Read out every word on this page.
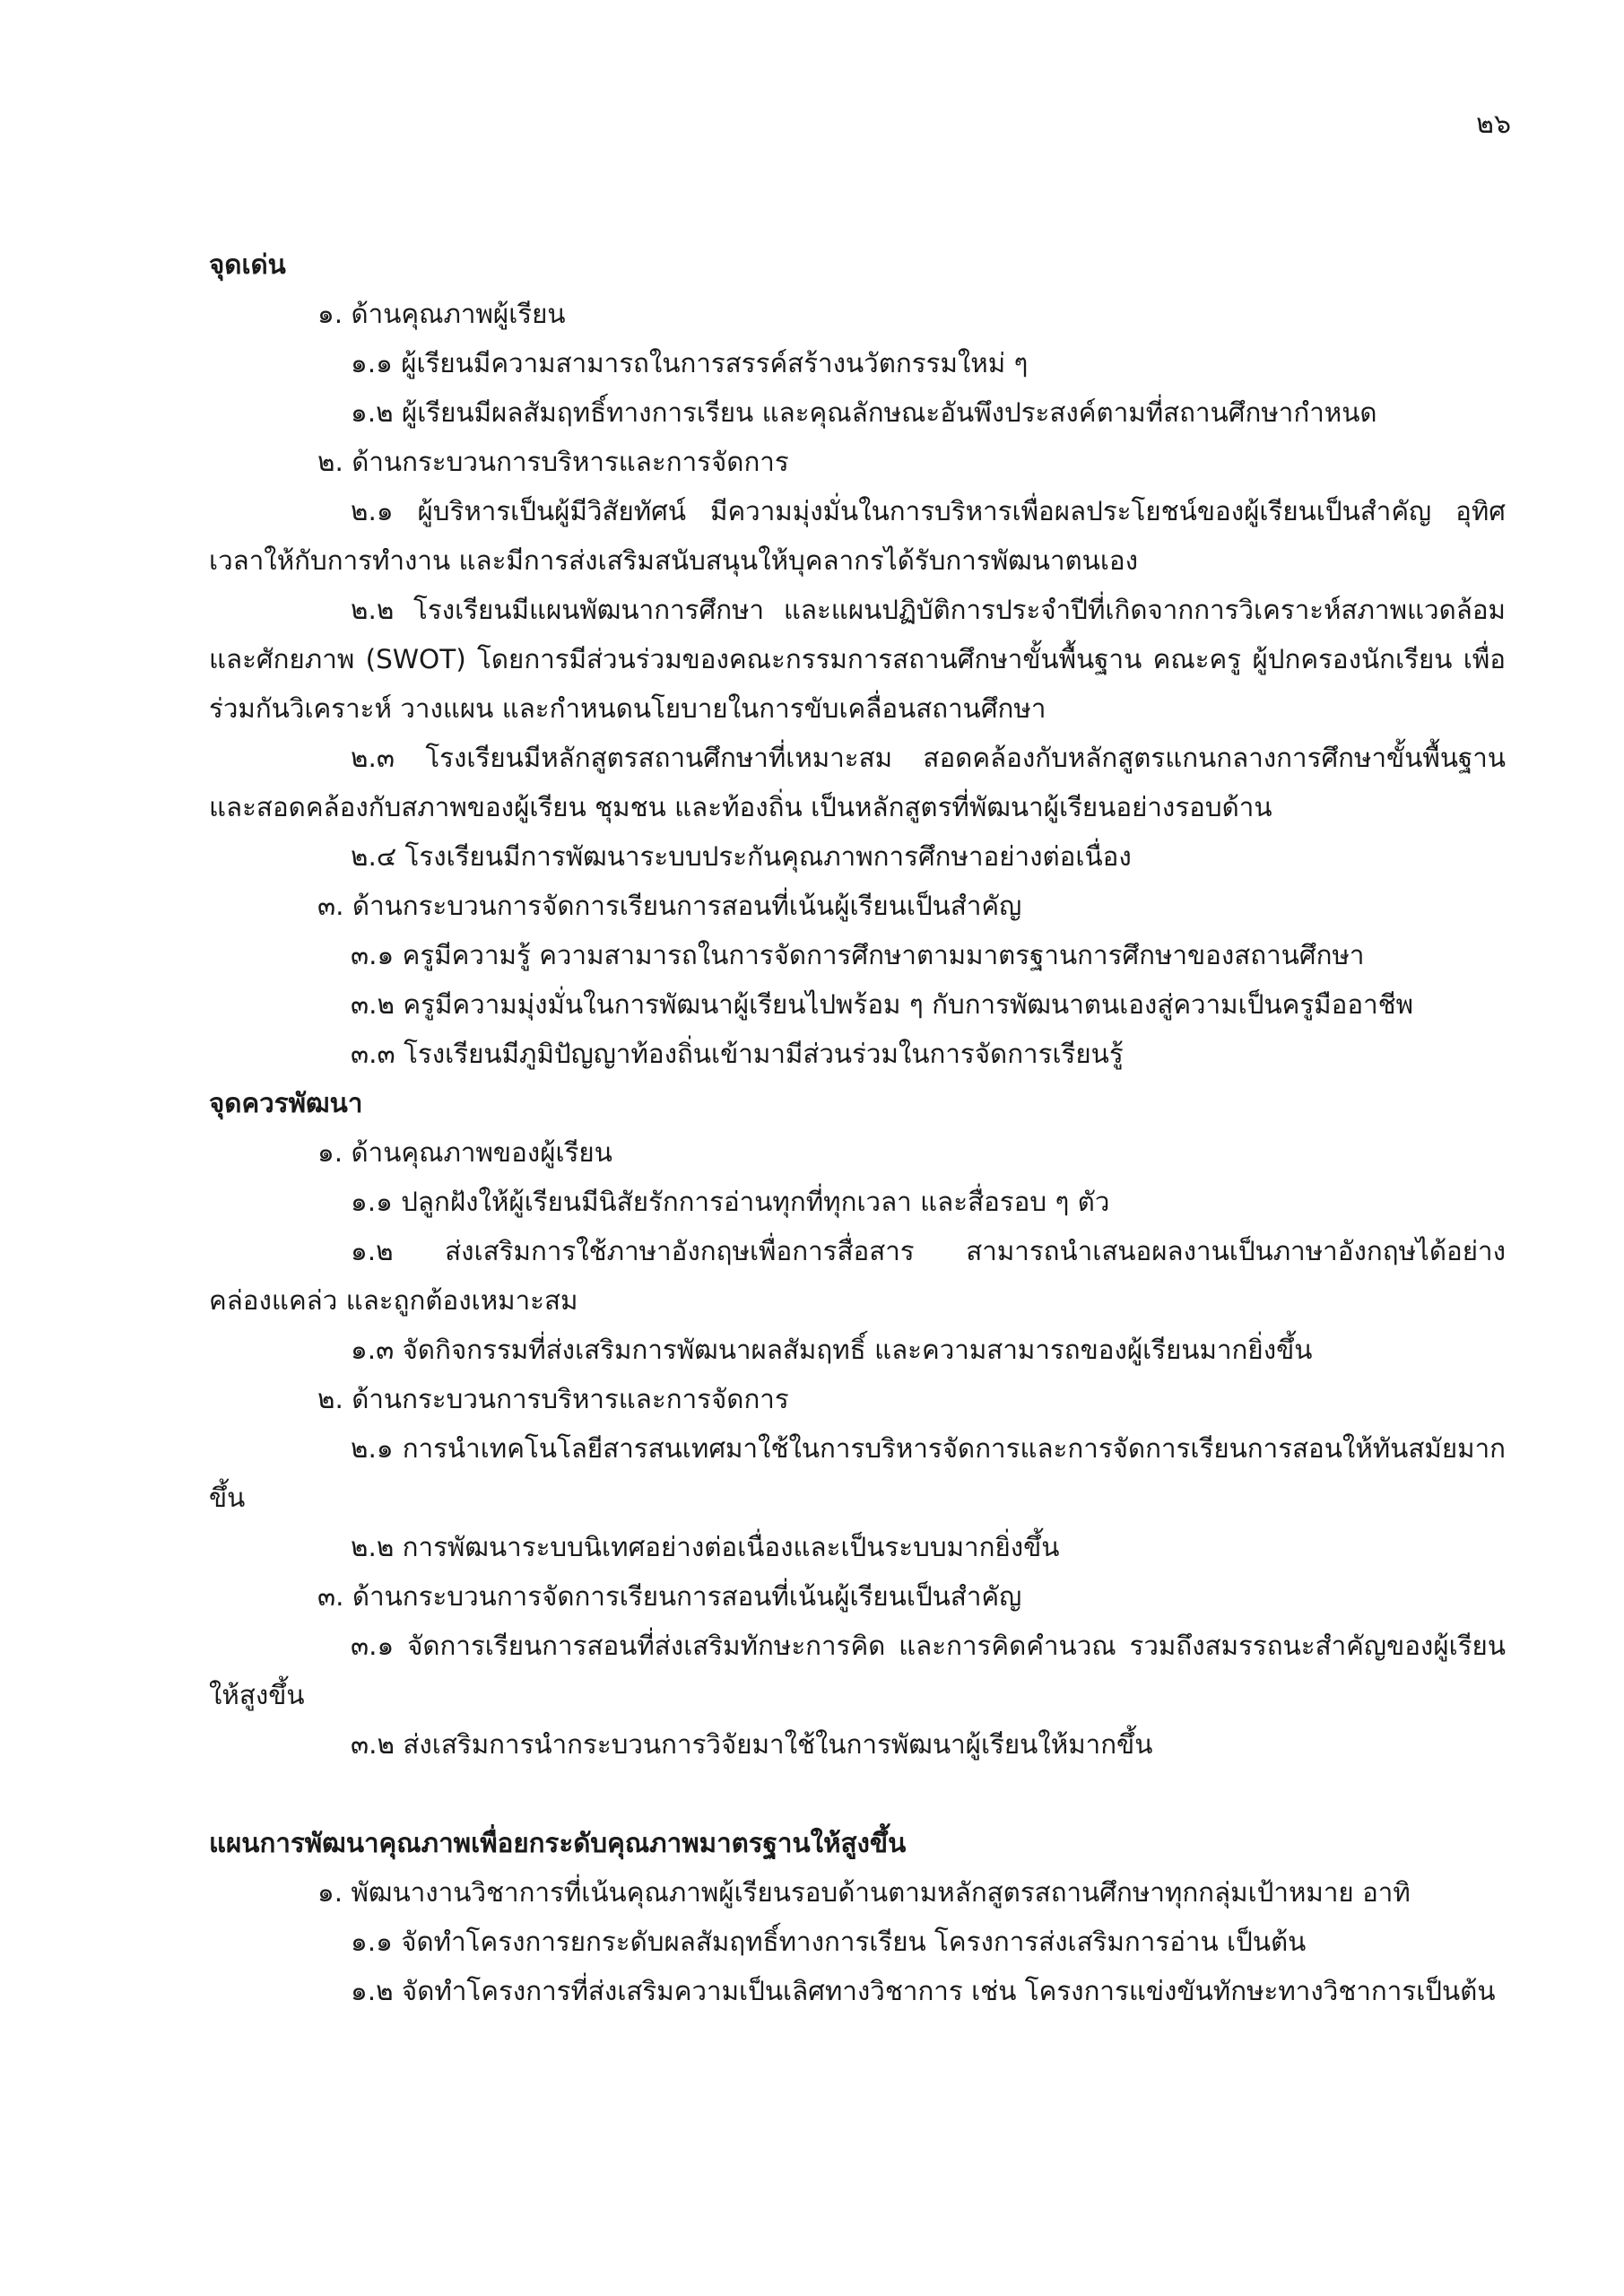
๒๖

จุดเด่น

๑. ด้านคุณภาพผู้เรียน

๑.๑ ผู้เรียนมีความสามารถในการสรรค์สร้างนวัตกรรมใหม่ ๆ

๑.๒ ผู้เรียนมีผลสัมฤทธิ์ทางการเรียน และคุณลักษณะอันพึงประสงค์ตามที่สถานศึกษากำหนด

๒. ด้านกระบวนการบริหารและการจัดการ

๒.๑ ผู้บริหารเป็นผู้มีวิสัยทัศน์ มีความมุ่งมั่นในการบริหารเพื่อผลประโยชน์ของผู้เรียนเป็นสำคัญ อุทิศเวลาให้กับการทำงาน และมีการส่งเสริมสนับสนุนให้บุคลากรได้รับการพัฒนาตนเอง

๒.๒ โรงเรียนมีแผนพัฒนาการศึกษา และแผนปฏิบัติการประจำปีที่เกิดจากการวิเคราะห์สภาพแวดล้อมและศักยภาพ (SWOT) โดยการมีส่วนร่วมของคณะกรรมการสถานศึกษาขั้นพื้นฐาน คณะครู ผู้ปกครองนักเรียน เพื่อร่วมกันวิเคราะห์ วางแผน และกำหนดนโยบายในการขับเคลื่อนสถานศึกษา

๒.๓ โรงเรียนมีหลักสูตรสถานศึกษาที่เหมาะสม สอดคล้องกับหลักสูตรแกนกลางการศึกษาขั้นพื้นฐาน และสอดคล้องกับสภาพของผู้เรียน ชุมชน และท้องถิ่น เป็นหลักสูตรที่พัฒนาผู้เรียนอย่างรอบด้าน

๒.๔ โรงเรียนมีการพัฒนาระบบประกันคุณภาพการศึกษาอย่างต่อเนื่อง

๓. ด้านกระบวนการจัดการเรียนการสอนที่เน้นผู้เรียนเป็นสำคัญ

๓.๑ ครูมีความรู้ ความสามารถในการจัดการศึกษาตามมาตรฐานการศึกษาของสถานศึกษา

๓.๒ ครูมีความมุ่งมั่นในการพัฒนาผู้เรียนไปพร้อม ๆ กับการพัฒนาตนเองสู่ความเป็นครูมืออาชีพ

๓.๓ โรงเรียนมีภูมิปัญญาท้องถิ่นเข้ามามีส่วนร่วมในการจัดการเรียนรู้

จุดควรพัฒนา

๑. ด้านคุณภาพของผู้เรียน

๑.๑ ปลูกฝังให้ผู้เรียนมีนิสัยรักการอ่านทุกที่ทุกเวลา และสื่อรอบ ๆ ตัว

๑.๒ ส่งเสริมการใช้ภาษาอังกฤษเพื่อการสื่อสาร สามารถนำเสนอผลงานเป็นภาษาอังกฤษได้อย่างคล่องแคล่ว และถูกต้องเหมาะสม

๑.๓ จัดกิจกรรมที่ส่งเสริมการพัฒนาผลสัมฤทธิ์ และความสามารถของผู้เรียนมากยิ่งขึ้น

๒. ด้านกระบวนการบริหารและการจัดการ

๒.๑ การนำเทคโนโลยีสารสนเทศมาใช้ในการบริหารจัดการและการจัดการเรียนการสอนให้ทันสมัยมากขึ้น

๒.๒ การพัฒนาระบบนิเทศอย่างต่อเนื่องและเป็นระบบมากยิ่งขึ้น

๓. ด้านกระบวนการจัดการเรียนการสอนที่เน้นผู้เรียนเป็นสำคัญ

๓.๑ จัดการเรียนการสอนที่ส่งเสริมทักษะการคิด และการคิดคำนวณ รวมถึงสมรรถนะสำคัญของผู้เรียนให้สูงขึ้น

๓.๒ ส่งเสริมการนำกระบวนการวิจัยมาใช้ในการพัฒนาผู้เรียนให้มากขึ้น

แผนการพัฒนาคุณภาพเพื่อยกระดับคุณภาพมาตรฐานให้สูงขึ้น

๑. พัฒนางานวิชาการที่เน้นคุณภาพผู้เรียนรอบด้านตามหลักสูตรสถานศึกษาทุกกลุ่มเป้าหมาย อาทิ

๑.๑ จัดทำโครงการยกระดับผลสัมฤทธิ์ทางการเรียน โครงการส่งเสริมการอ่าน เป็นต้น

๑.๒ จัดทำโครงการที่ส่งเสริมความเป็นเลิศทางวิชาการ เช่น โครงการแข่งขันทักษะทางวิชาการเป็นต้น
